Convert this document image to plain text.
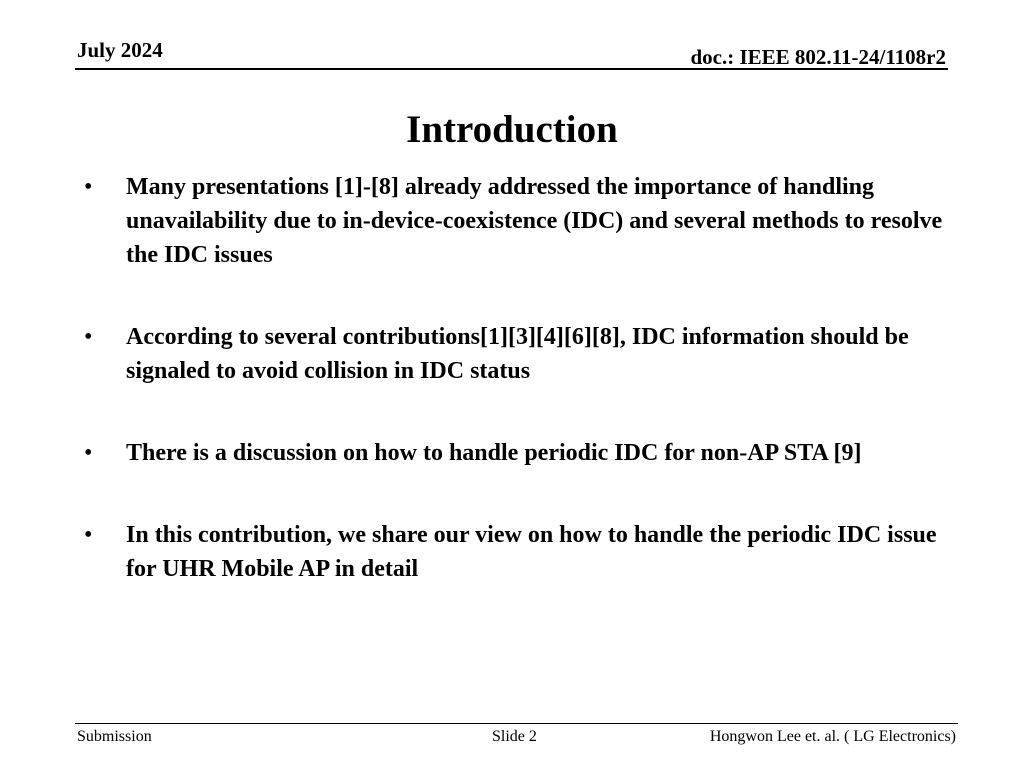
July 2024	doc.: IEEE 802.11-24/1108r2
Introduction
• Many presentations [1]-[8] already addressed the importance of handling unavailability due to in-device-coexistence (IDC) and several methods to resolve the IDC issues
• According to several contributions[1][3][4][6][8], IDC information should be signaled to avoid collision in IDC status
• There is a discussion on how to handle periodic IDC for non-AP STA [9]
• In this contribution, we share our view on how to handle the periodic IDC issue for UHR Mobile AP in detail
Submission	Slide 2	Hongwon Lee et. al. ( LG Electronics)
